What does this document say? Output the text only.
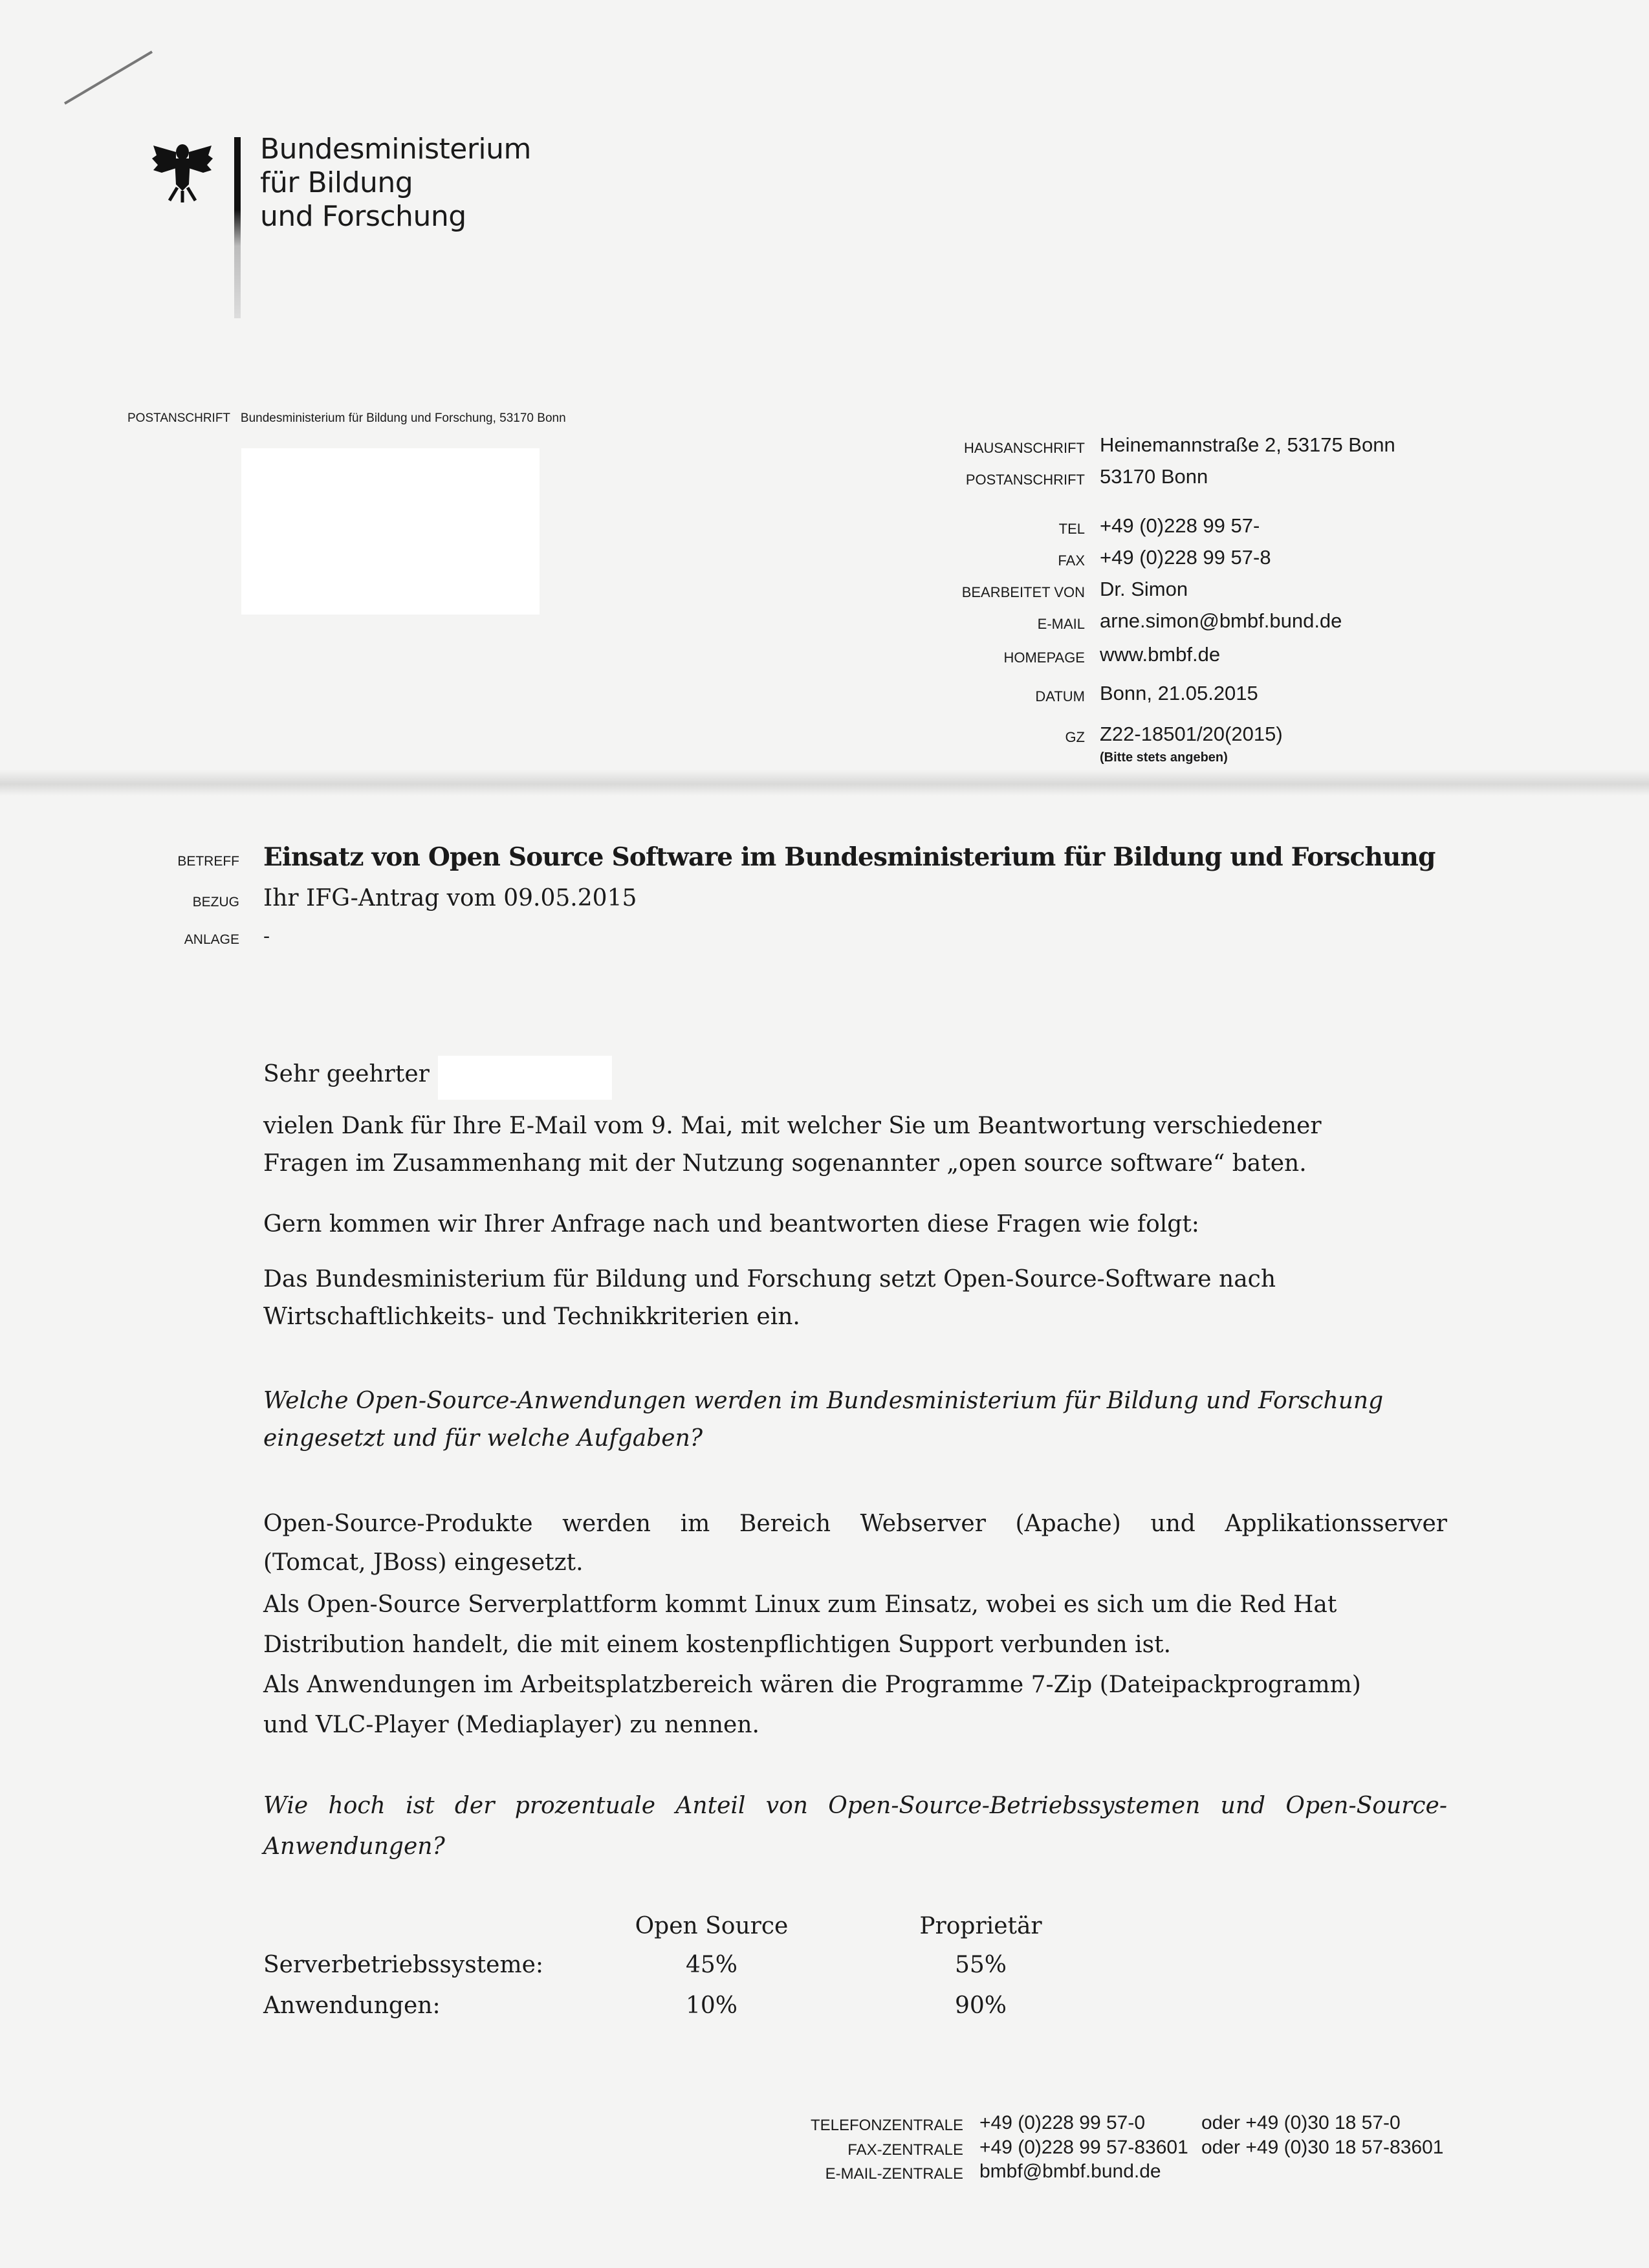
Bundesministerium
für Bildung
und Forschung
POSTANSCHRIFT Bundesministerium für Bildung und Forschung, 53170 Bonn
HAUSANSCHRIFT Heinemannstraße 2, 53175 Bonn
POSTANSCHRIFT 53170 Bonn
TEL +49 (0)228 99 57-
FAX +49 (0)228 99 57-8
BEARBEITET VON Dr. Simon
E-MAIL arne.simon@bmbf.bund.de
HOMEPAGE www.bmbf.de
DATUM Bonn, 21.05.2015
GZ Z22-18501/20(2015)
(Bitte stets angeben)
BETREFF Einsatz von Open Source Software im Bundesministerium für Bildung und Forschung
BEZUG Ihr IFG-Antrag vom 09.05.2015
ANLAGE -
Sehr geehrter
vielen Dank für Ihre E-Mail vom 9. Mai, mit welcher Sie um Beantwortung verschiedener
Fragen im Zusammenhang mit der Nutzung sogenannter „open source software“ baten.
Gern kommen wir Ihrer Anfrage nach und beantworten diese Fragen wie folgt:
Das Bundesministerium für Bildung und Forschung setzt Open-Source-Software nach
Wirtschaftlichkeits- und Technikkriterien ein.
Welche Open-Source-Anwendungen werden im Bundesministerium für Bildung und Forschung
eingesetzt und für welche Aufgaben?
Open-Source-Produkte werden im Bereich Webserver (Apache) und Applikationsserver
(Tomcat, JBoss) eingesetzt.
Als Open-Source Serverplattform kommt Linux zum Einsatz, wobei es sich um die Red Hat
Distribution handelt, die mit einem kostenpflichtigen Support verbunden ist.
Als Anwendungen im Arbeitsplatzbereich wären die Programme 7-Zip (Dateipackprogramm)
und VLC-Player (Mediaplayer) zu nennen.
Wie hoch ist der prozentuale Anteil von Open-Source-Betriebssystemen und Open-Source-
Anwendungen?
Open Source	Proprietär
Serverbetriebssysteme:	45%	55%
Anwendungen:	10%	90%
TELEFONZENTRALE +49 (0)228 99 57-0	oder +49 (0)30 18 57-0
FAX-ZENTRALE +49 (0)228 99 57-83601 oder +49 (0)30 18 57-83601
E-MAIL-ZENTRALE bmbf@bmbf.bund.de
